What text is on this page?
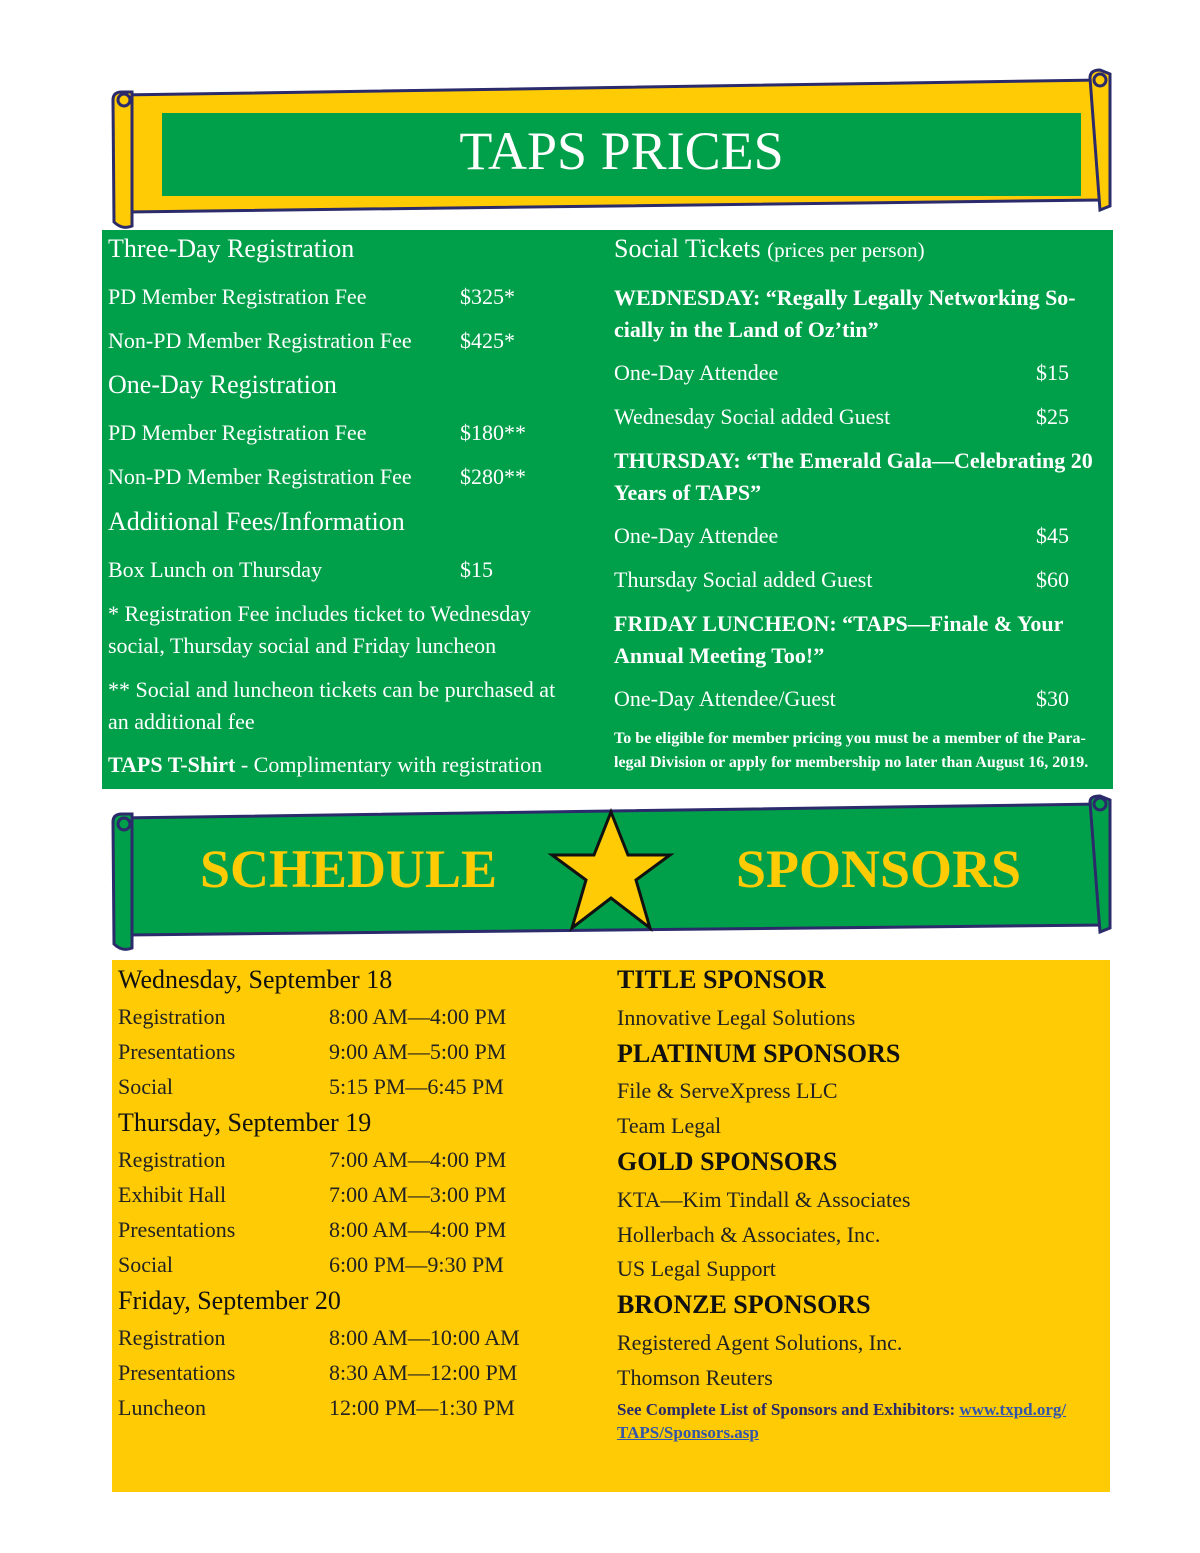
TAPS PRICES
Three-Day Registration
PD Member Registration Fee	$325*
Non-PD Member Registration Fee $425*
One-Day Registration
PD Member Registration Fee	$180**
Non-PD Member Registration Fee $280**
Additional Fees/Information
Box Lunch on Thursday	$15
* Registration Fee includes ticket to Wednesday
social, Thursday social and Friday luncheon
** Social and luncheon tickets can be purchased at
an additional fee
TAPS T-Shirt - Complimentary with registration
Social Tickets (prices per person)
WEDNESDAY: “Regally Legally Networking So-
cially in the Land of Oz’tin”
One-Day Attendee	$15
Wednesday Social added Guest	$25
THURSDAY: “The Emerald Gala—Celebrating 20
Years of TAPS”
One-Day Attendee	$45
Thursday Social added Guest	$60
FRIDAY LUNCHEON: “TAPS—Finale & Your
Annual Meeting Too!”
One-Day Attendee/Guest	$30
To be eligible for member pricing you must be a member of the Para-
legal Division or apply for membership no later than August 16, 2019.
SCHEDULE	SPONSORS
Wednesday, September 18
Registration	8:00 AM—4:00 PM
Presentations	9:00 AM—5:00 PM
Social	5:15 PM—6:45 PM
Thursday, September 19
Registration	7:00 AM—4:00 PM
Exhibit Hall	7:00 AM—3:00 PM
Presentations	8:00 AM—4:00 PM
Social	6:00 PM—9:30 PM
Friday, September 20
Registration	8:00 AM—10:00 AM
Presentations	8:30 AM—12:00 PM
Luncheon	12:00 PM—1:30 PM
TITLE SPONSOR
Innovative Legal Solutions
PLATINUM SPONSORS
File & ServeXpress LLC
Team Legal
GOLD SPONSORS
KTA—Kim Tindall & Associates
Hollerbach & Associates, Inc.
US Legal Support
BRONZE SPONSORS
Registered Agent Solutions, Inc.
Thomson Reuters
See Complete List of Sponsors and Exhibitors: www.txpd.org/
TAPS/Sponsors.asp
